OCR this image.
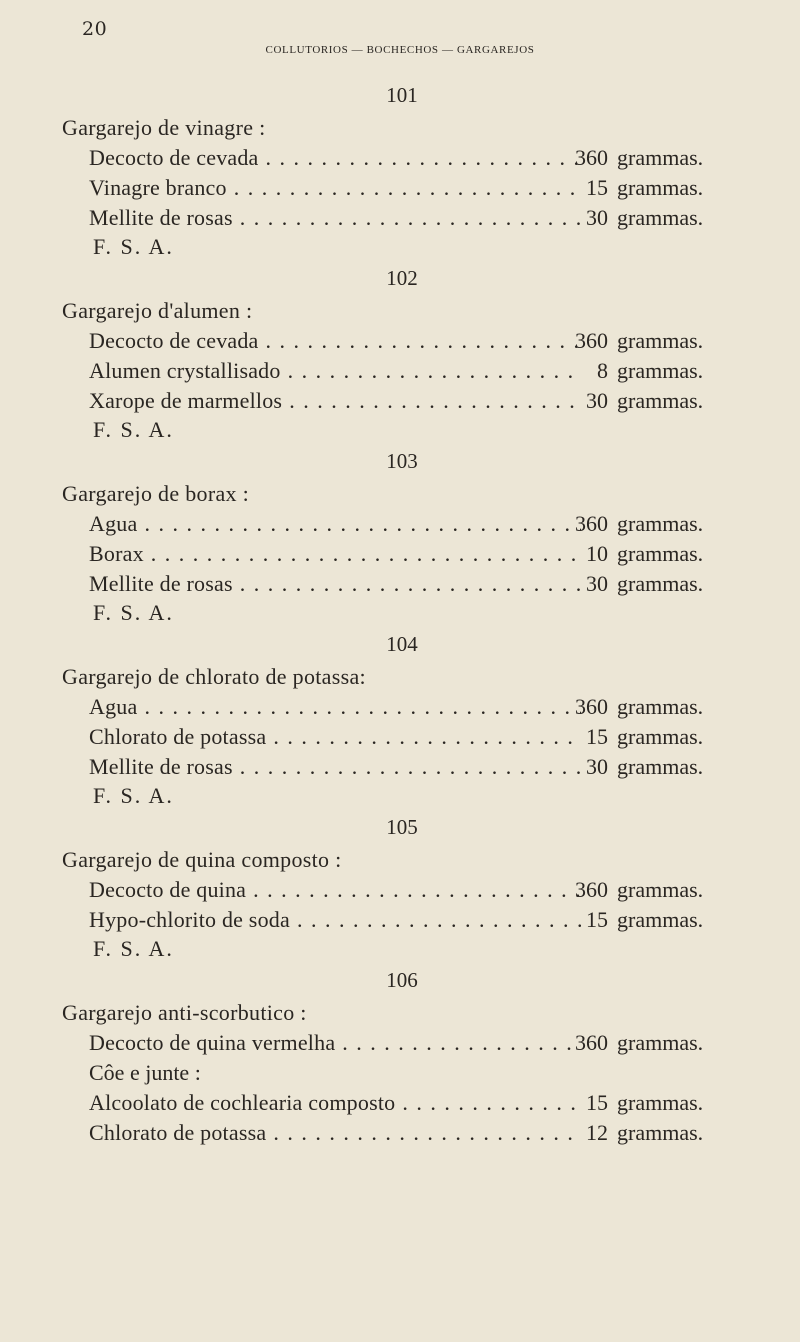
20
COLLUTORIOS — BOCHECHOS — GARGAREJOS
101
Gargarejo de vinagre :
Decocto de cevada . . .	360 grammas.
Vinagre branco . . .	15 grammas.
Mellite de rosas . . .	30 grammas.
F. S. A.
102
Gargarejo d'alumen :
Decocto de cevada . . .	360 grammas.
Alumen crystallisado . . .	8 grammas.
Xarope de marmellos . . .	30 grammas.
F. S. A.
103
Gargarejo de borax :
Agua . . .	360 grammas.
Borax . . .	10 grammas.
Mellite de rosas . . .	30 grammas.
F. S. A.
104
Gargarejo de chlorato de potassa:
Agua . . .	360 grammas.
Chlorato de potassa . . .	15 grammas.
Mellite de rosas . . .	30 grammas.
F. S. A.
105
Gargarejo de quina composto :
Decocto de quina . . .	360 grammas.
Hypo-chlorito de soda . . .	15 grammas.
F. S. A.
106
Gargarejo anti-scorbutico :
Decocto de quina vermelha . . .	360 grammas.
Côe e junte :
Alcoolato de cochlearia composto . . .	15 grammas.
Chlorato de potassa . . .	12 grammas.
